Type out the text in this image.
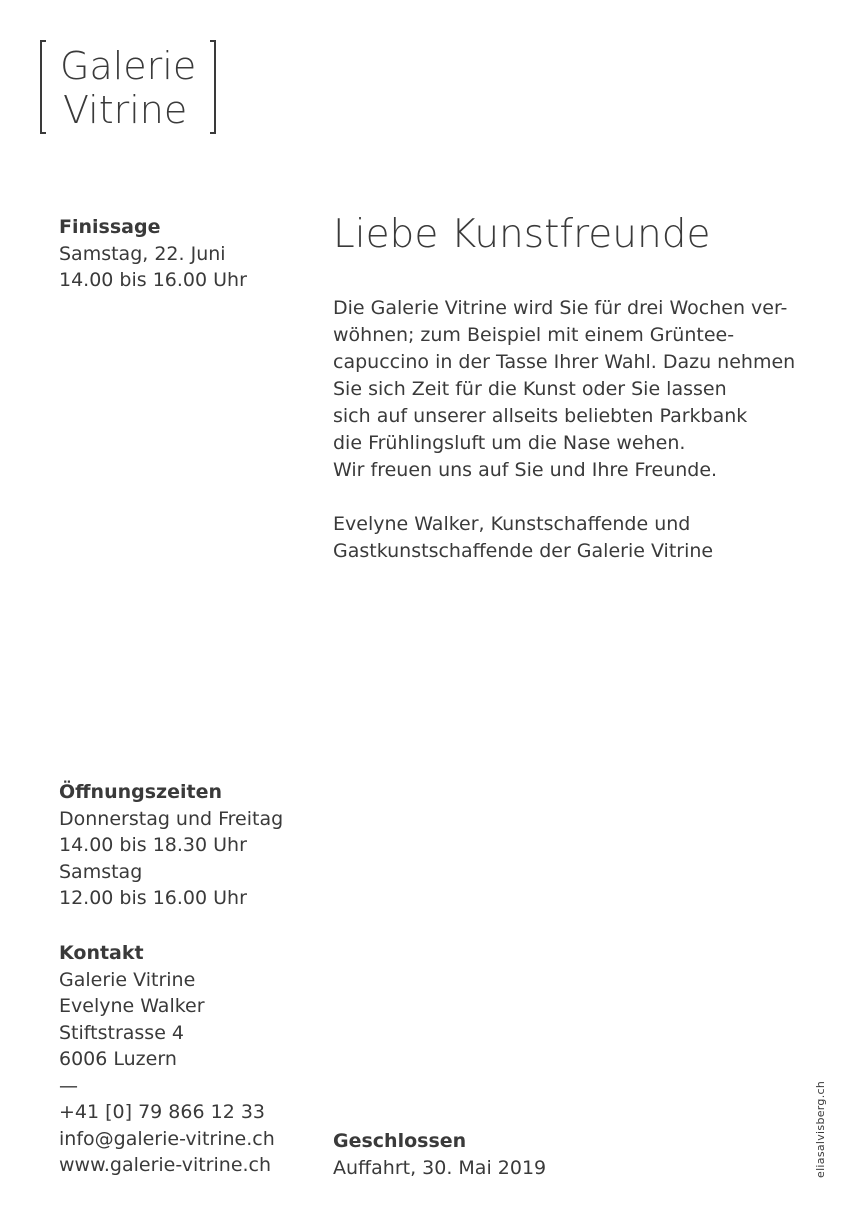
Galerie
Vitrine
Finissage
Samstag, 22. Juni
14.00 bis 16.00 Uhr
Liebe Kunstfreunde

Die Galerie Vitrine wird Sie für drei Wochen ver-
wöhnen; zum Beispiel mit einem Grüntee-
capuccino in der Tasse Ihrer Wahl. Dazu nehmen
Sie sich Zeit für die Kunst oder Sie lassen
sich auf unserer allseits beliebten Parkbank
die Frühlingsluft um die Nase wehen.
Wir freuen uns auf Sie und Ihre Freunde.

Evelyne Walker, Kunstschaffende und
Gastkunstschaffende der Galerie Vitrine

Öffnungszeiten
Donnerstag und Freitag
14.00 bis 18.30 Uhr
Samstag
12.00 bis 16.00 Uhr
Kontakt
Galerie Vitrine
Evelyne Walker
Stiftstrasse 4
6006 Luzern
—
+41 [0] 79 866 12 33
info@galerie-vitrine.ch
www.galerie-vitrine.ch
Geschlossen
Auffahrt, 30. Mai 2019	eliasalvisberg.ch
